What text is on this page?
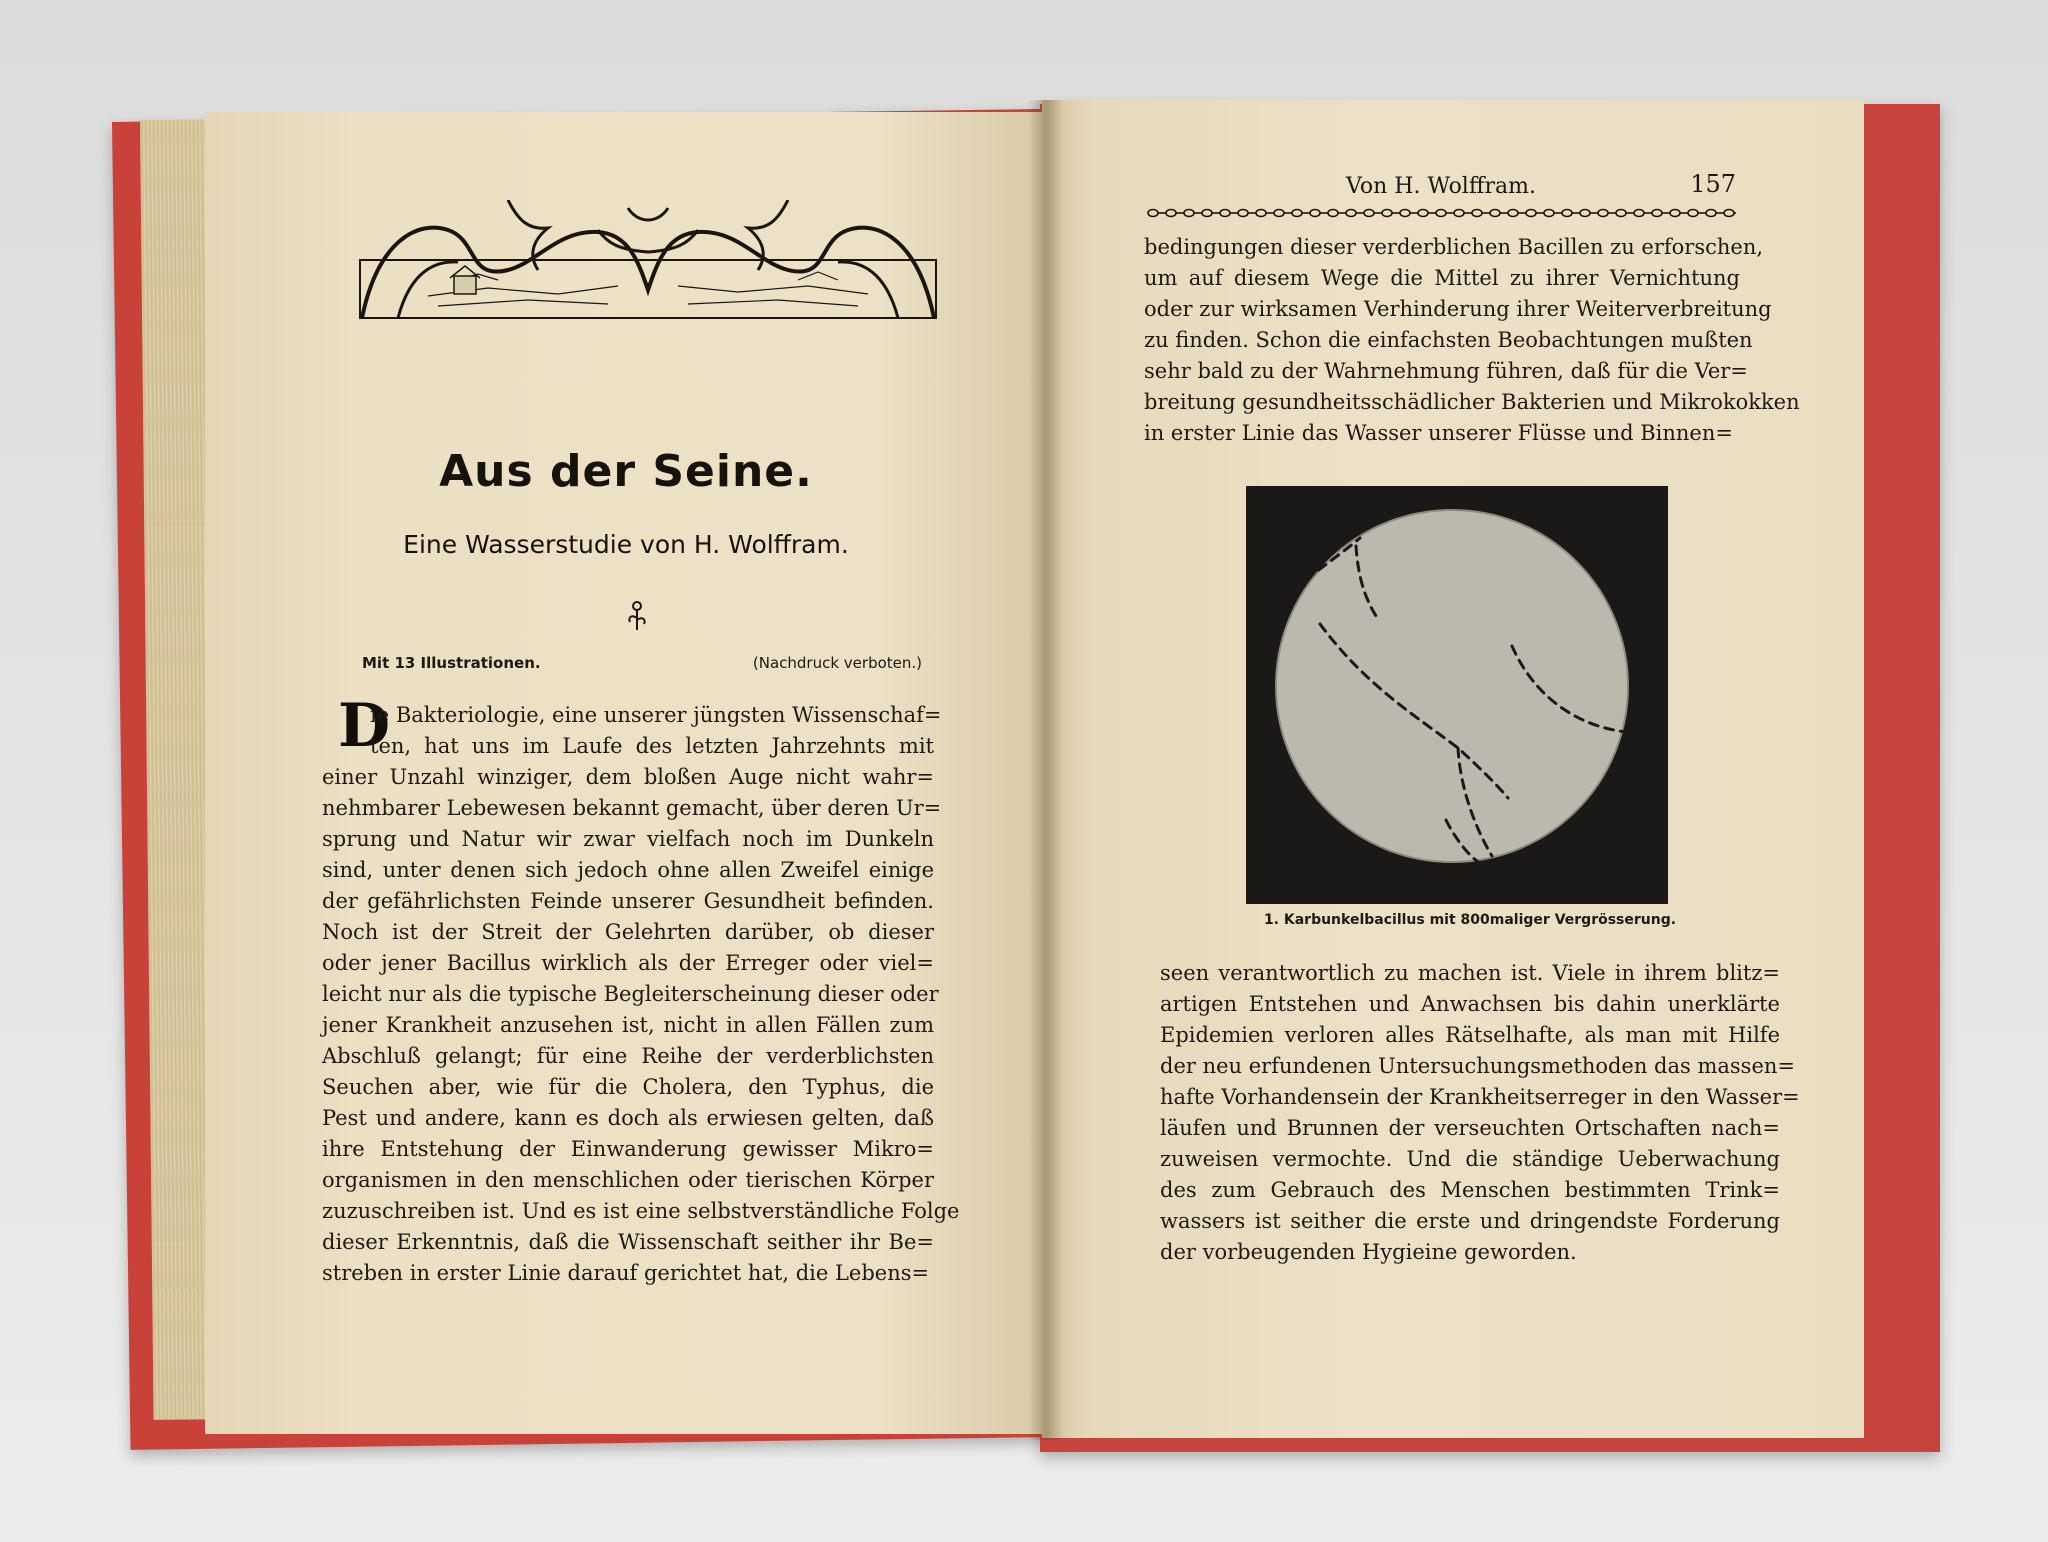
Aus der Seine.
Eine Wasserstudie von H. Wolffram.
Mit 13 Illustrationen.	(Nachdruck verboten.)
D
ie Bakteriologie, eine unserer jüngsten Wissenschaf=
ten, hat uns im Laufe des letzten Jahrzehnts mit
einer Unzahl winziger, dem bloßen Auge nicht wahr=
nehmbarer Lebewesen bekannt gemacht, über deren Ur=
sprung und Natur wir zwar vielfach noch im Dunkeln
sind, unter denen sich jedoch ohne allen Zweifel einige
der gefährlichsten Feinde unserer Gesundheit befinden.
Noch ist der Streit der Gelehrten darüber, ob dieser
oder jener Bacillus wirklich als der Erreger oder viel=
leicht nur als die typische Begleiterscheinung dieser oder
jener Krankheit anzusehen ist, nicht in allen Fällen zum
Abschluß gelangt; für eine Reihe der verderblichsten
Seuchen aber, wie für die Cholera, den Typhus, die
Pest und andere, kann es doch als erwiesen gelten, daß
ihre Entstehung der Einwanderung gewisser Mikro=
organismen in den menschlichen oder tierischen Körper
zuzuschreiben ist. Und es ist eine selbstverständliche Folge
dieser Erkenntnis, daß die Wissenschaft seither ihr Be=
streben in erster Linie darauf gerichtet hat, die Lebens=
Von H. Wolffram.	157
bedingungen dieser verderblichen Bacillen zu erforschen,
um auf diesem Wege die Mittel zu ihrer Vernichtung
oder zur wirksamen Verhinderung ihrer Weiterverbreitung
zu finden. Schon die einfachsten Beobachtungen mußten
sehr bald zu der Wahrnehmung führen, daß für die Ver=
breitung gesundheitsschädlicher Bakterien und Mikrokokken
in erster Linie das Wasser unserer Flüsse und Binnen=
1. Karbunkelbacillus mit 800maliger Vergrösserung.
seen verantwortlich zu machen ist. Viele in ihrem blitz=
artigen Entstehen und Anwachsen bis dahin unerklärte
Epidemien verloren alles Rätselhafte, als man mit Hilfe
der neu erfundenen Untersuchungsmethoden das massen=
hafte Vorhandensein der Krankheitserreger in den Wasser=
läufen und Brunnen der verseuchten Ortschaften nach=
zuweisen vermochte. Und die ständige Ueberwachung
des zum Gebrauch des Menschen bestimmten Trink=
wassers ist seither die erste und dringendste Forderung
der vorbeugenden Hygieine geworden.
